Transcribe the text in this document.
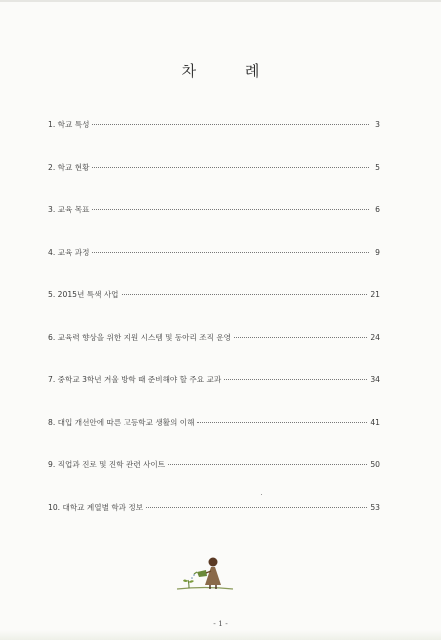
차 례
1. 학교 특성	3
2. 학교 현황	5
3. 교육 목표	6
4. 교육 과정	9
5. 2015년 특색 사업	21
6. 교육력 향상을 위한 지원 시스템 및 동아리 조직 운영	24
7. 중학교 3학년 겨울 방학 때 준비해야 할 주요 교과	34
8. 대입 개선안에 따른 고등학교 생활의 이해	41
9. 직업과 진로 및 진학 관련 사이트	50
10. 대학교 계열별 학과 정보	53
- 1 -
